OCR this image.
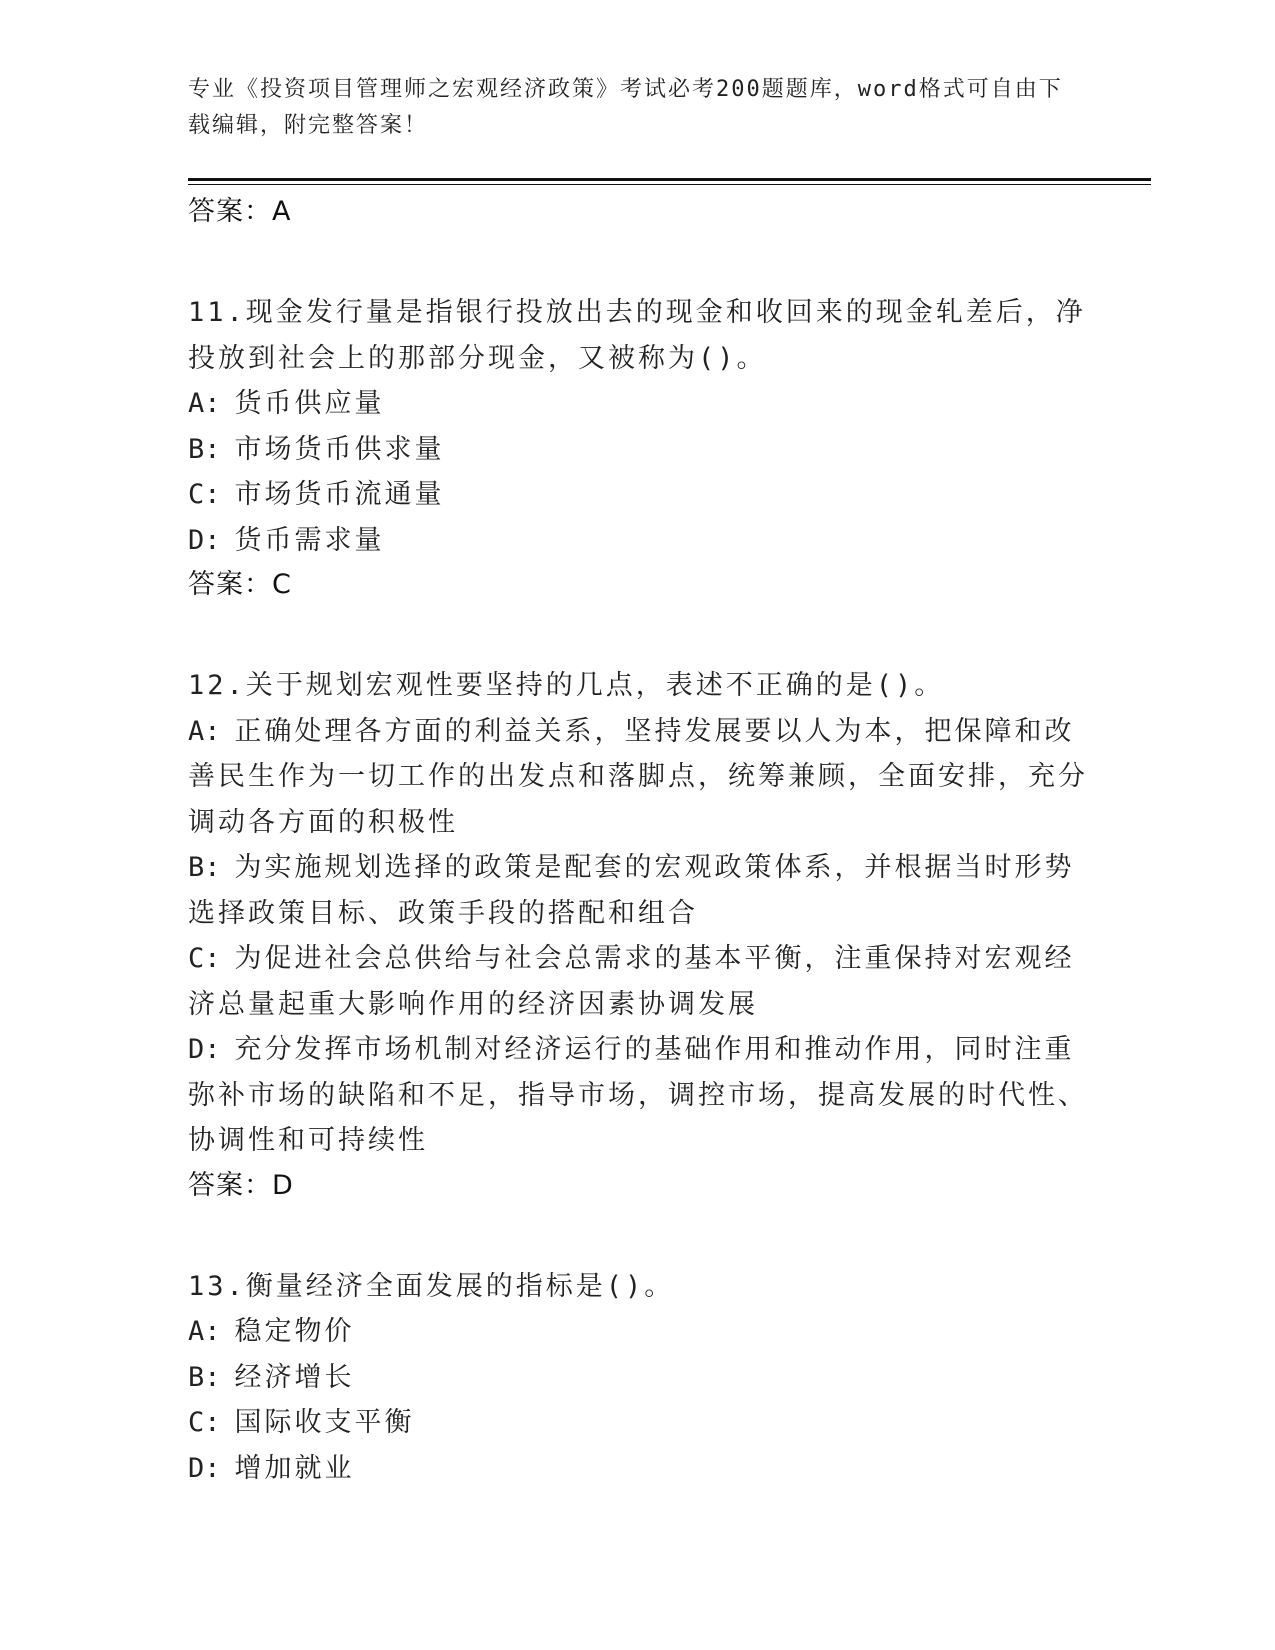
专业《投资项目管理师之宏观经济政策》考试必考200题题库，word格式可自由下载编辑，附完整答案！
答案：A
11.现金发行量是指银行投放出去的现金和收回来的现金轧差后，净投放到社会上的那部分现金，又被称为()。
A: 货币供应量
B: 市场货币供求量
C: 市场货币流通量
D: 货币需求量
答案：C
12.关于规划宏观性要坚持的几点，表述不正确的是()。
A: 正确处理各方面的利益关系，坚持发展要以人为本，把保障和改善民生作为一切工作的出发点和落脚点，统筹兼顾，全面安排，充分调动各方面的积极性
B: 为实施规划选择的政策是配套的宏观政策体系，并根据当时形势选择政策目标、政策手段的搭配和组合
C: 为促进社会总供给与社会总需求的基本平衡，注重保持对宏观经济总量起重大影响作用的经济因素协调发展
D: 充分发挥市场机制对经济运行的基础作用和推动作用，同时注重弥补市场的缺陷和不足，指导市场，调控市场，提高发展的时代性、协调性和可持续性
答案：D
13.衡量经济全面发展的指标是()。
A: 稳定物价
B: 经济增长
C: 国际收支平衡
D: 增加就业
